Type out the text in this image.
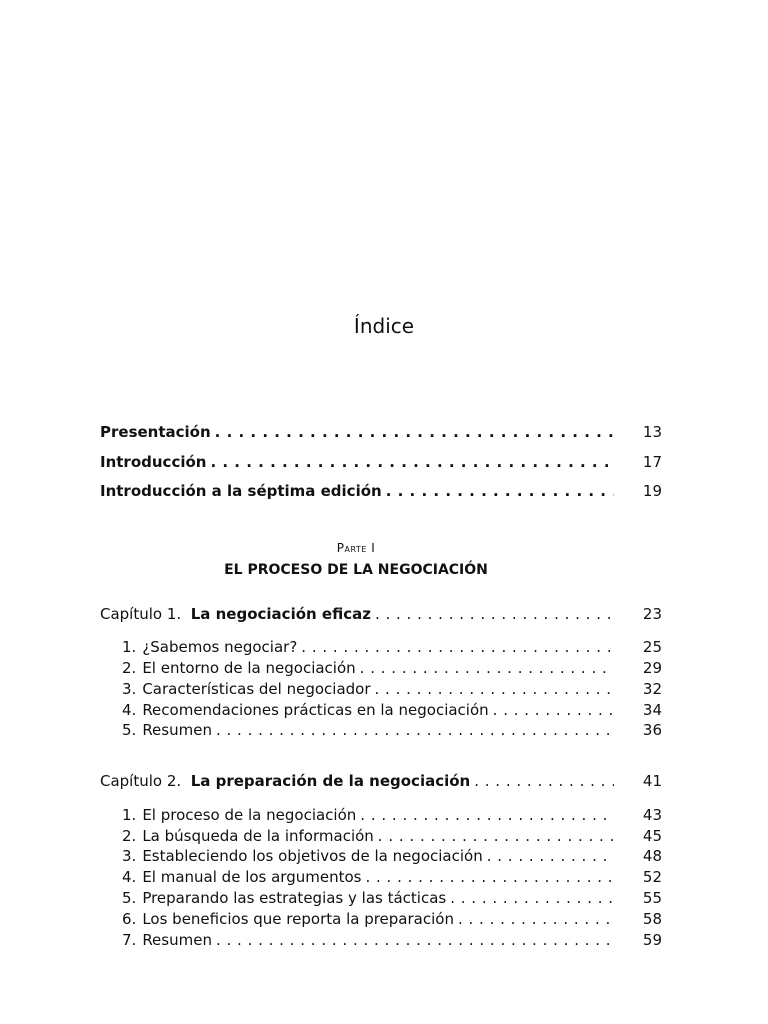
Índice
Presentación . . .	13
Introducción . . .	17
Introducción a la séptima edición . . .	19
Parte I
EL PROCESO DE LA NEGOCIACIÓN
Capítulo 1. La negociación eficaz . . .	23
1. ¿Sabemos negociar? . . .	25
2. El entorno de la negociación . . .	29
3. Características del negociador . . .	32
4. Recomendaciones prácticas en la negociación . . .	34
5. Resumen . . .	36
Capítulo 2. La preparación de la negociación . . .	41
1. El proceso de la negociación . . .	43
2. La búsqueda de la información . . .	45
3. Estableciendo los objetivos de la negociación . . .	48
4. El manual de los argumentos . . .	52
5. Preparando las estrategias y las tácticas . . .	55
6. Los beneficios que reporta la preparación . . .	58
7. Resumen . . .	59
